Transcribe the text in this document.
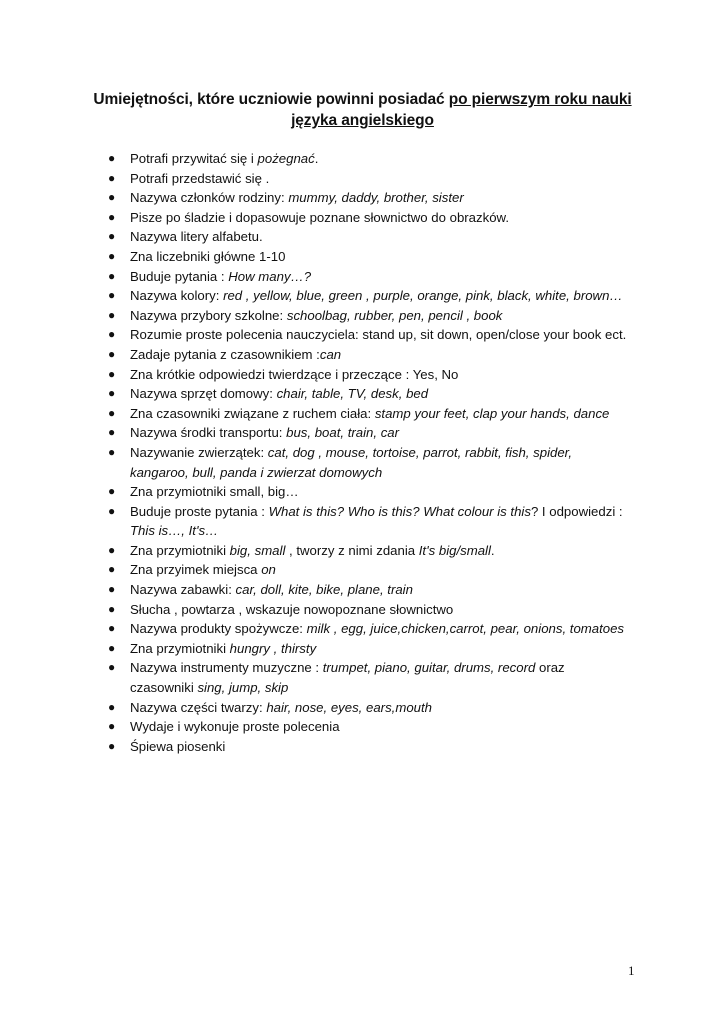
Umiejętności, które uczniowie powinni posiadać po pierwszym roku nauki
języka angielskiego
● Potrafi przywitać się i pożegnać.
● Potrafi przedstawić się .
● Nazywa członków rodziny: mummy, daddy, brother, sister
● Pisze po śladzie i dopasowuje poznane słownictwo do obrazków.
● Nazywa litery alfabetu.
● Zna liczebniki główne 1-10
● Buduje pytania : How many…?
● Nazywa kolory: red , yellow, blue, green , purple, orange, pink, black, white, brown…
● Nazywa przybory szkolne: schoolbag, rubber, pen, pencil , book
● Rozumie proste polecenia nauczyciela: stand up, sit down, open/close your book ect.
● Zadaje pytania z czasownikiem :can
● Zna krótkie odpowiedzi twierdzące i przeczące : Yes, No
● Nazywa sprzęt domowy: chair, table, TV, desk, bed
● Zna czasowniki związane z ruchem ciała: stamp your feet, clap your hands, dance
● Nazywa środki transportu: bus, boat, train, car
● Nazywanie zwierzątek: cat, dog , mouse, tortoise, parrot, rabbit, fish, spider,
kangaroo, bull, panda i zwierzat domowych
● Zna przymiotniki small, big…
● Buduje proste pytania : What is this? Who is this? What colour is this? I odpowiedzi :
This is…, It's…
● Zna przymiotniki big, small , tworzy z nimi zdania It's big/small.
● Zna przyimek miejsca on
● Nazywa zabawki: car, doll, kite, bike, plane, train
● Słucha , powtarza , wskazuje nowopoznane słownictwo
● Nazywa produkty spożywcze: milk , egg, juice,chicken,carrot, pear, onions, tomatoes
● Zna przymiotniki hungry , thirsty
● Nazywa instrumenty muzyczne : trumpet, piano, guitar, drums, record oraz
czasowniki sing, jump, skip
● Nazywa części twarzy: hair, nose, eyes, ears,mouth
● Wydaje i wykonuje proste polecenia
● Śpiewa piosenki
1
